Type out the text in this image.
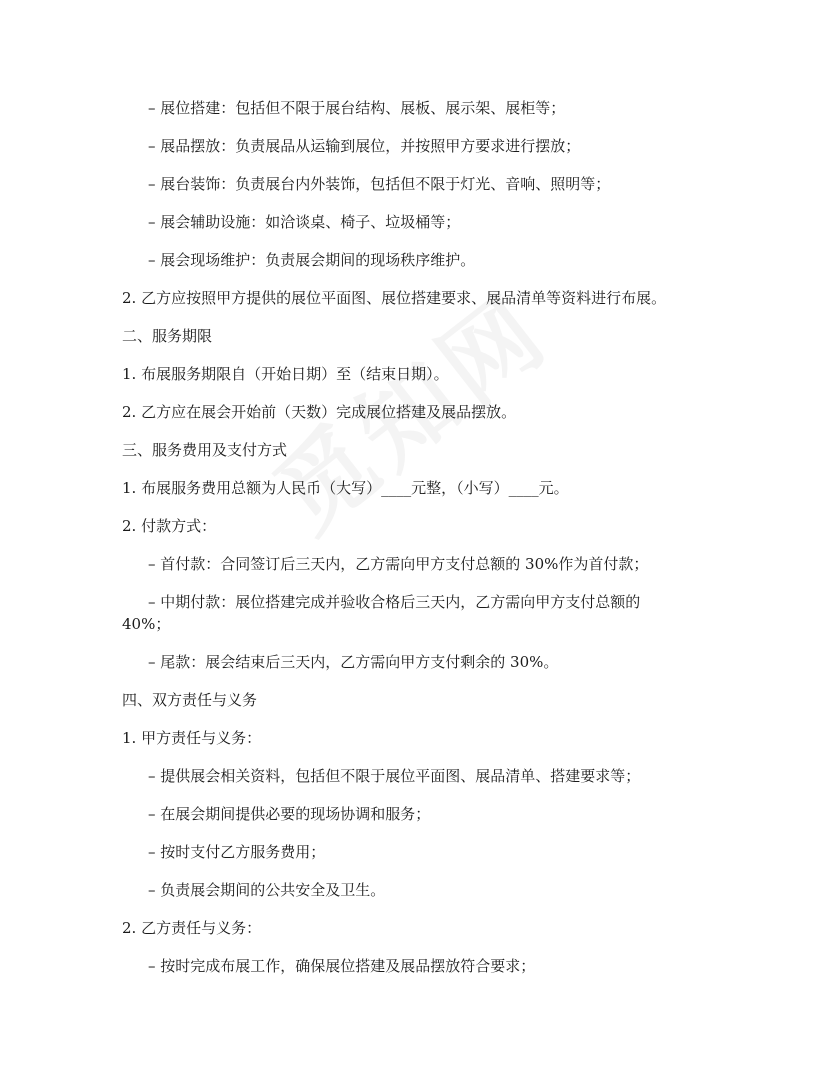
– 展位搭建：包括但不限于展台结构、展板、展示架、展柜等；
– 展品摆放：负责展品从运输到展位，并按照甲方要求进行摆放；
– 展台装饰：负责展台内外装饰，包括但不限于灯光、音响、照明等；
– 展会辅助设施：如洽谈桌、椅子、垃圾桶等；
– 展会现场维护：负责展会期间的现场秩序维护。
2. 乙方应按照甲方提供的展位平面图、展位搭建要求、展品清单等资料进行布展。
二、服务期限
1. 布展服务期限自（开始日期）至（结束日期）。
2. 乙方应在展会开始前（天数）完成展位搭建及展品摆放。
三、服务费用及支付方式
1. 布展服务费用总额为人民币（大写）____元整，（小写）____元。
2. 付款方式：
– 首付款：合同签订后三天内，乙方需向甲方支付总额的 30%作为首付款；
– 中期付款：展位搭建完成并验收合格后三天内，乙方需向甲方支付总额的
40%；
– 尾款：展会结束后三天内，乙方需向甲方支付剩余的 30%。
四、双方责任与义务
1. 甲方责任与义务：
– 提供展会相关资料，包括但不限于展位平面图、展品清单、搭建要求等；
– 在展会期间提供必要的现场协调和服务；
– 按时支付乙方服务费用；
– 负责展会期间的公共安全及卫生。
2. 乙方责任与义务：
– 按时完成布展工作，确保展位搭建及展品摆放符合要求；
